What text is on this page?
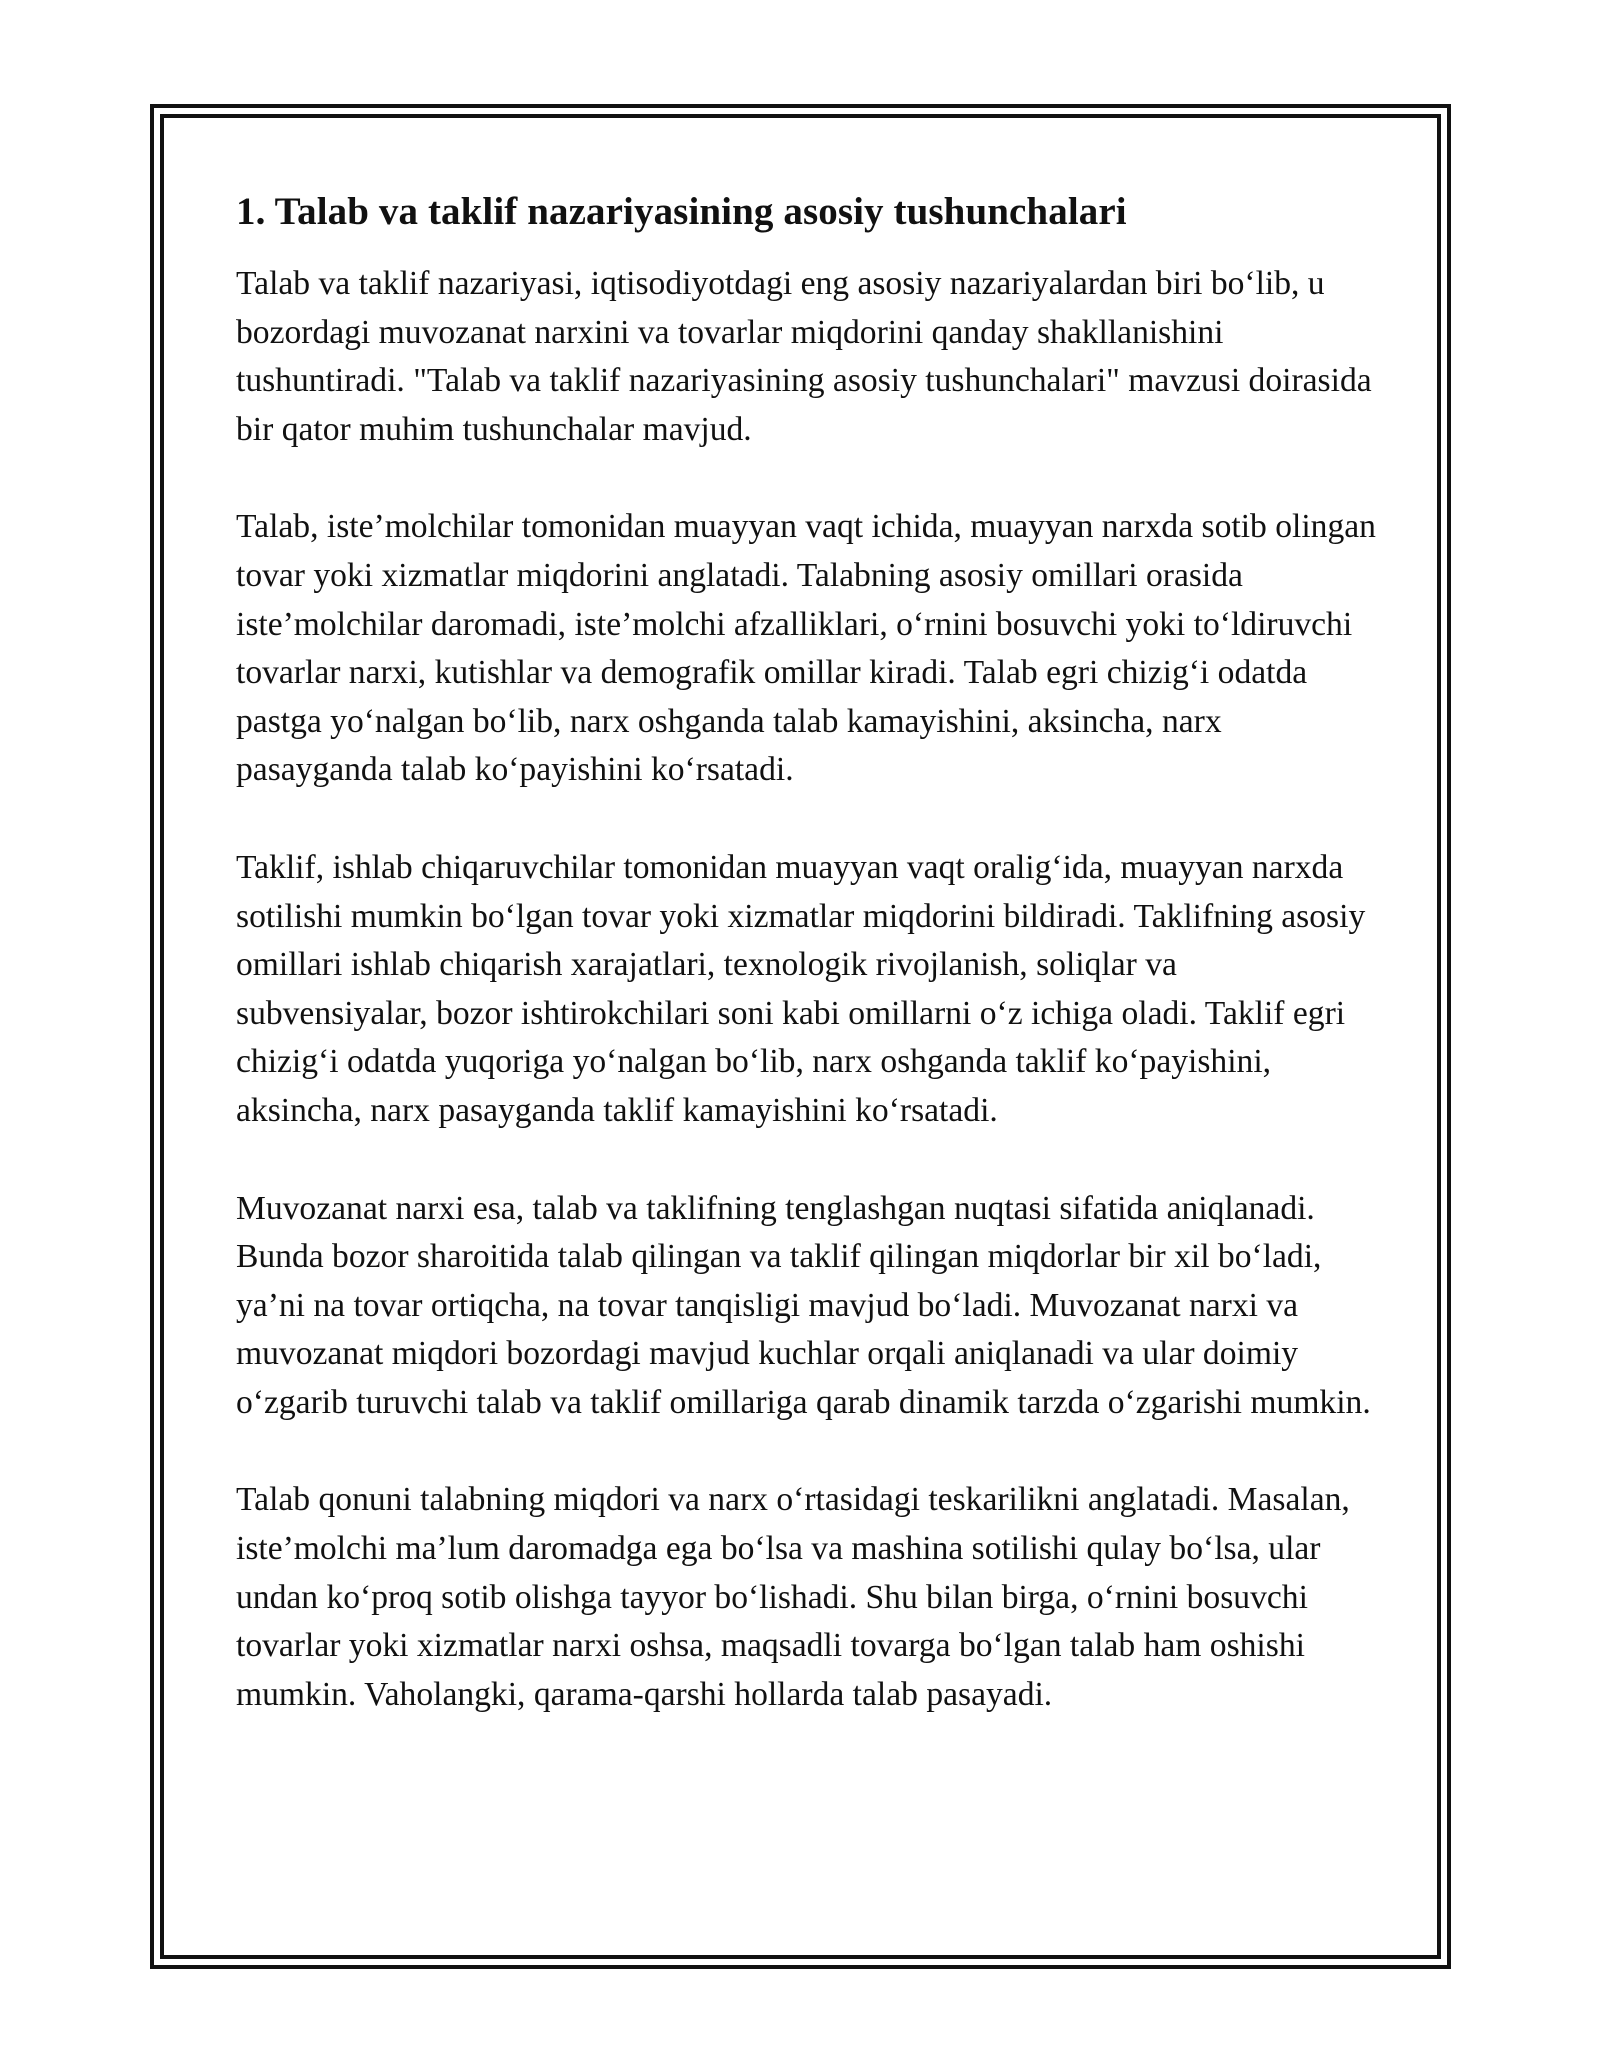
1. Talab va taklif nazariyasining asosiy tushunchalari

Talab va taklif nazariyasi, iqtisodiyotdagi eng asosiy nazariyalardan biri bo‘lib, u bozordagi muvozanat narxini va tovarlar miqdorini qanday shakllanishini tushuntiradi. "Talab va taklif nazariyasining asosiy tushunchalari" mavzusi doirasida bir qator muhim tushunchalar mavjud.

Talab, iste’molchilar tomonidan muayyan vaqt ichida, muayyan narxda sotib olingan tovar yoki xizmatlar miqdorini anglatadi. Talabning asosiy omillari orasida iste’molchilar daromadi, iste’molchi afzalliklari, o‘rnini bosuvchi yoki to‘ldiruvchi tovarlar narxi, kutishlar va demografik omillar kiradi. Talab egri chizig‘i odatda pastga yo‘nalgan bo‘lib, narx oshganda talab kamayishini, aksincha, narx pasayganda talab ko‘payishini ko‘rsatadi.

Taklif, ishlab chiqaruvchilar tomonidan muayyan vaqt oralig‘ida, muayyan narxda sotilishi mumkin bo‘lgan tovar yoki xizmatlar miqdorini bildiradi. Taklifning asosiy omillari ishlab chiqarish xarajatlari, texnologik rivojlanish, soliqlar va subvensiyalar, bozor ishtirokchilari soni kabi omillarni o‘z ichiga oladi. Taklif egri chizig‘i odatda yuqoriga yo‘nalgan bo‘lib, narx oshganda taklif ko‘payishini, aksincha, narx pasayganda taklif kamayishini ko‘rsatadi.

Muvozanat narxi esa, talab va taklifning tenglashgan nuqtasi sifatida aniqlanadi. Bunda bozor sharoitida talab qilingan va taklif qilingan miqdorlar bir xil bo‘ladi, ya’ni na tovar ortiqcha, na tovar tanqisligi mavjud bo‘ladi. Muvozanat narxi va muvozanat miqdori bozordagi mavjud kuchlar orqali aniqlanadi va ular doimiy o‘zgarib turuvchi talab va taklif omillariga qarab dinamik tarzda o‘zgarishi mumkin.

Talab qonuni talabning miqdori va narx o‘rtasidagi teskarilikni anglatadi. Masalan, iste’molchi ma’lum daromadga ega bo‘lsa va mashina sotilishi qulay bo‘lsa, ular undan ko‘proq sotib olishga tayyor bo‘lishadi. Shu bilan birga, o‘rnini bosuvchi tovarlar yoki xizmatlar narxi oshsa, maqsadli tovarga bo‘lgan talab ham oshishi mumkin. Vaholangki, qarama-qarshi hollarda talab pasayadi.
